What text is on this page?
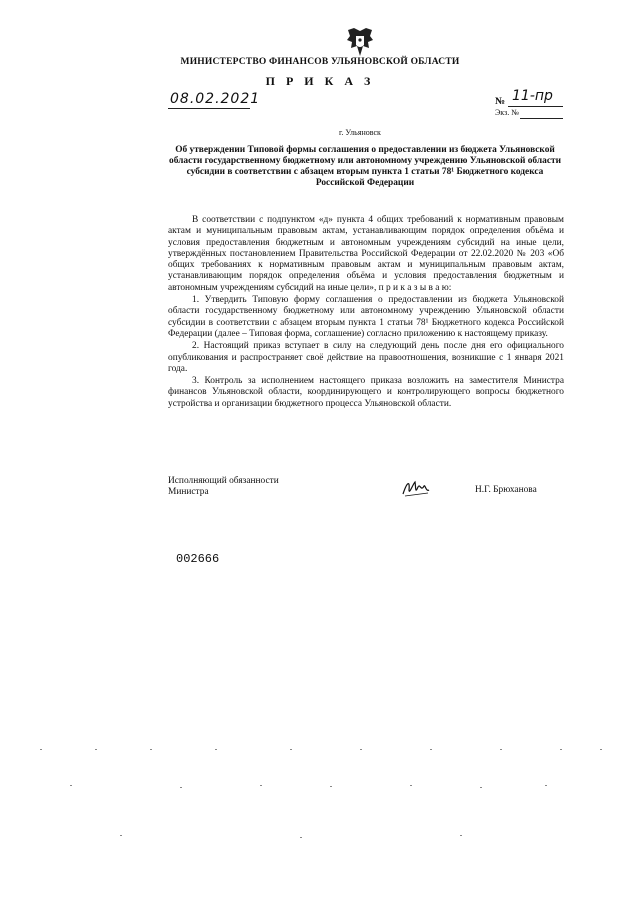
МИНИСТЕРСТВО ФИНАНСОВ УЛЬЯНОВСКОЙ ОБЛАСТИ
П Р И К А З
08.02.2021	№ 11-пр
Экз. №
г. Ульяновск
Об утверждении Типовой формы соглашения о предоставлении из бюджета Ульяновской области государственному бюджетному или автономному учреждению Ульяновской области субсидии в соответствии с абзацем вторым пункта 1 статьи 78¹ Бюджетного кодекса Российской Федерации

В соответствии с подпунктом «д» пункта 4 общих требований к нормативным правовым актам и муниципальным правовым актам, устанавливающим порядок определения объёма и условия предоставления бюджетным и автономным учреждениям субсидий на иные цели, утверждённых постановлением Правительства Российской Федерации от 22.02.2020 № 203 «Об общих требованиях к нормативным правовым актам и муниципальным правовым актам, устанавливающим порядок определения объёма и условия предоставления бюджетным и автономным учреждениям субсидий на иные цели», п р и к а з ы в а ю:

1. Утвердить Типовую форму соглашения о предоставлении из бюджета Ульяновской области государственному бюджетному или автономному учреждению Ульяновской области субсидии в соответствии с абзацем вторым пункта 1 статьи 78¹ Бюджетного кодекса Российской Федерации (далее – Типовая форма, соглашение) согласно приложению к настоящему приказу.

2. Настоящий приказ вступает в силу на следующий день после дня его официального опубликования и распространяет своё действие на правоотношения, возникшие с 1 января 2021 года.

3. Контроль за исполнением настоящего приказа возложить на заместителя Министра финансов Ульяновской области, координирующего и контролирующего вопросы бюджетного устройства и организации бюджетного процесса Ульяновской области.

Исполняющий обязанности
Министра	Н.Г. Брюханова
002666
